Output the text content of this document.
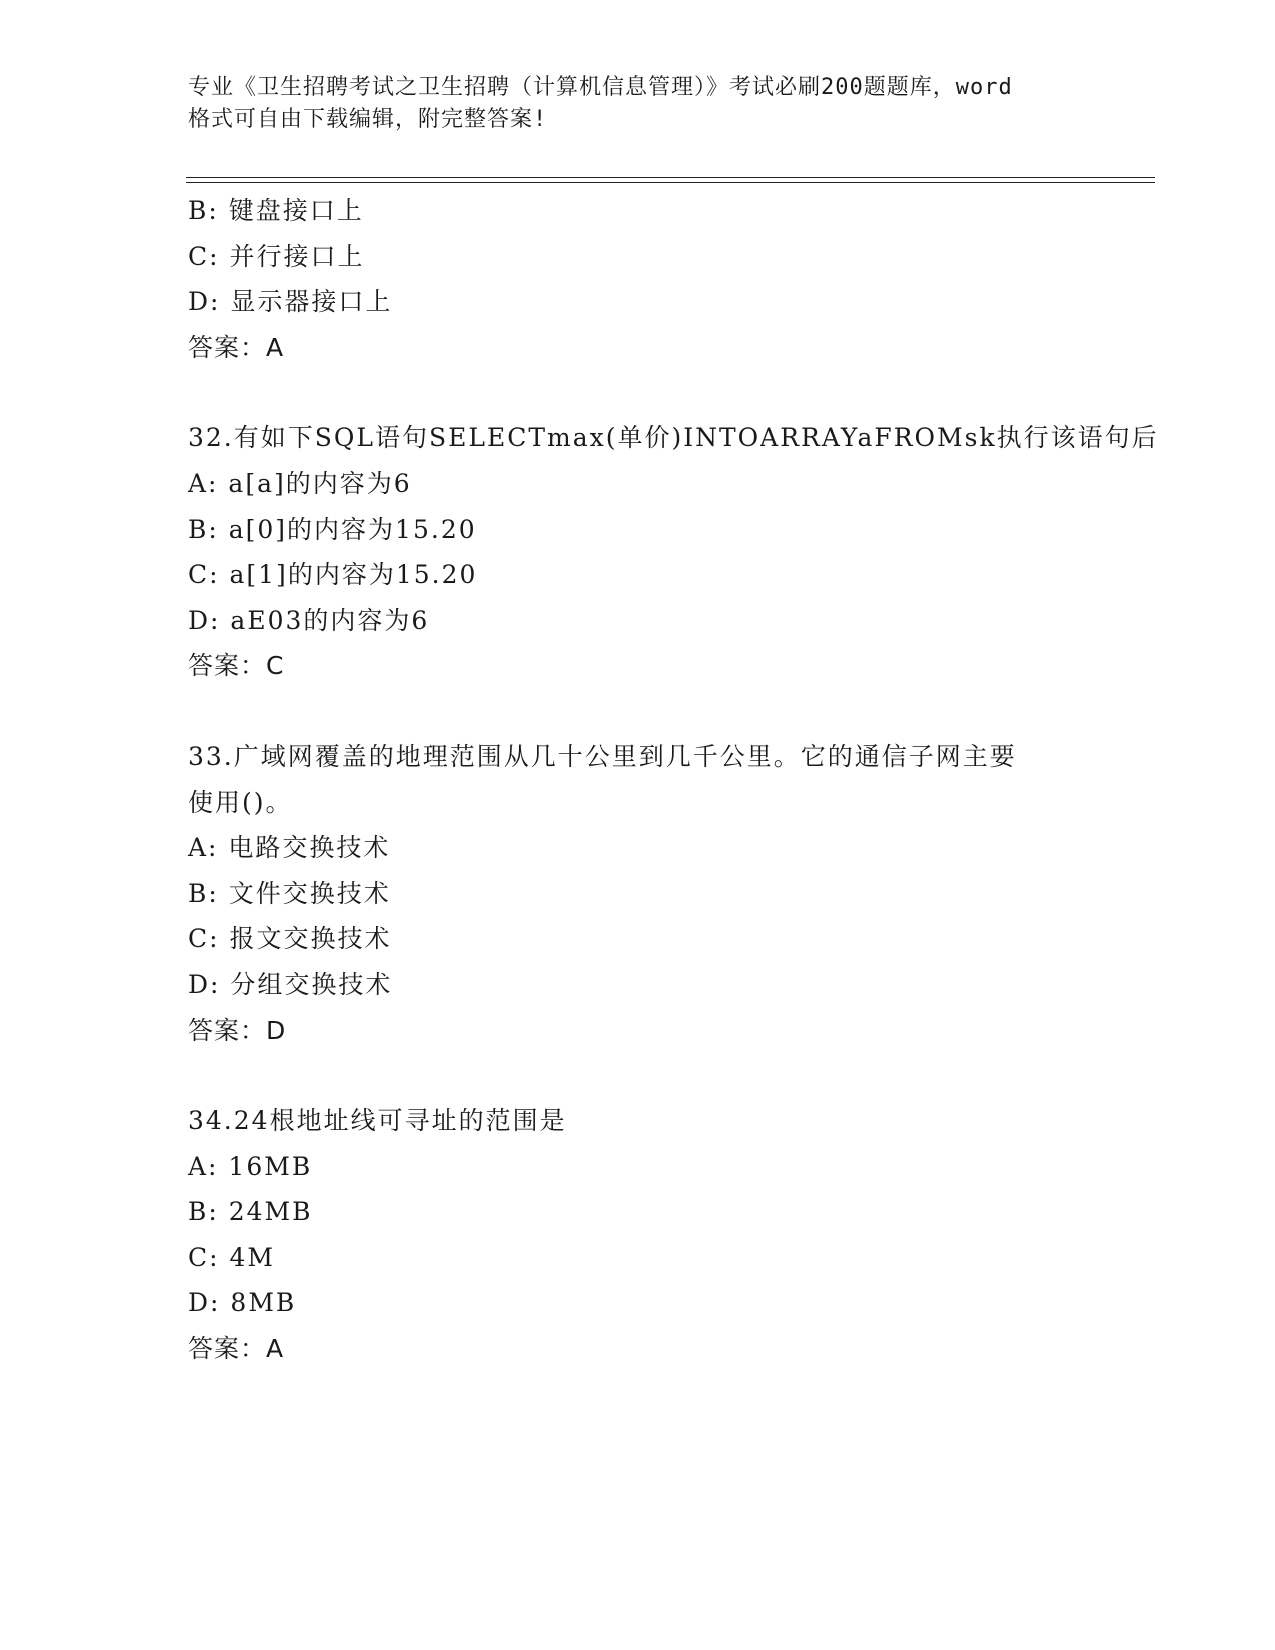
专业《卫生招聘考试之卫生招聘（计算机信息管理）》考试必刷200题题库，word
格式可自由下载编辑，附完整答案!
B: 键盘接口上
C: 并行接口上
D: 显示器接口上
答案：A
32.有如下SQL语句SELECTmax(单价)INTOARRAYaFROMsk执行该语句后
A: a[a]的内容为6
B: a[0]的内容为15.20
C: a[1]的内容为15.20
D: aE03的内容为6
答案：C
33.广域网覆盖的地理范围从几十公里到几千公里。它的通信子网主要
使用()。
A: 电路交换技术
B: 文件交换技术
C: 报文交换技术
D: 分组交换技术
答案：D
34.24根地址线可寻址的范围是
A: 16MB
B: 24MB
C: 4M
D: 8MB
答案：A
